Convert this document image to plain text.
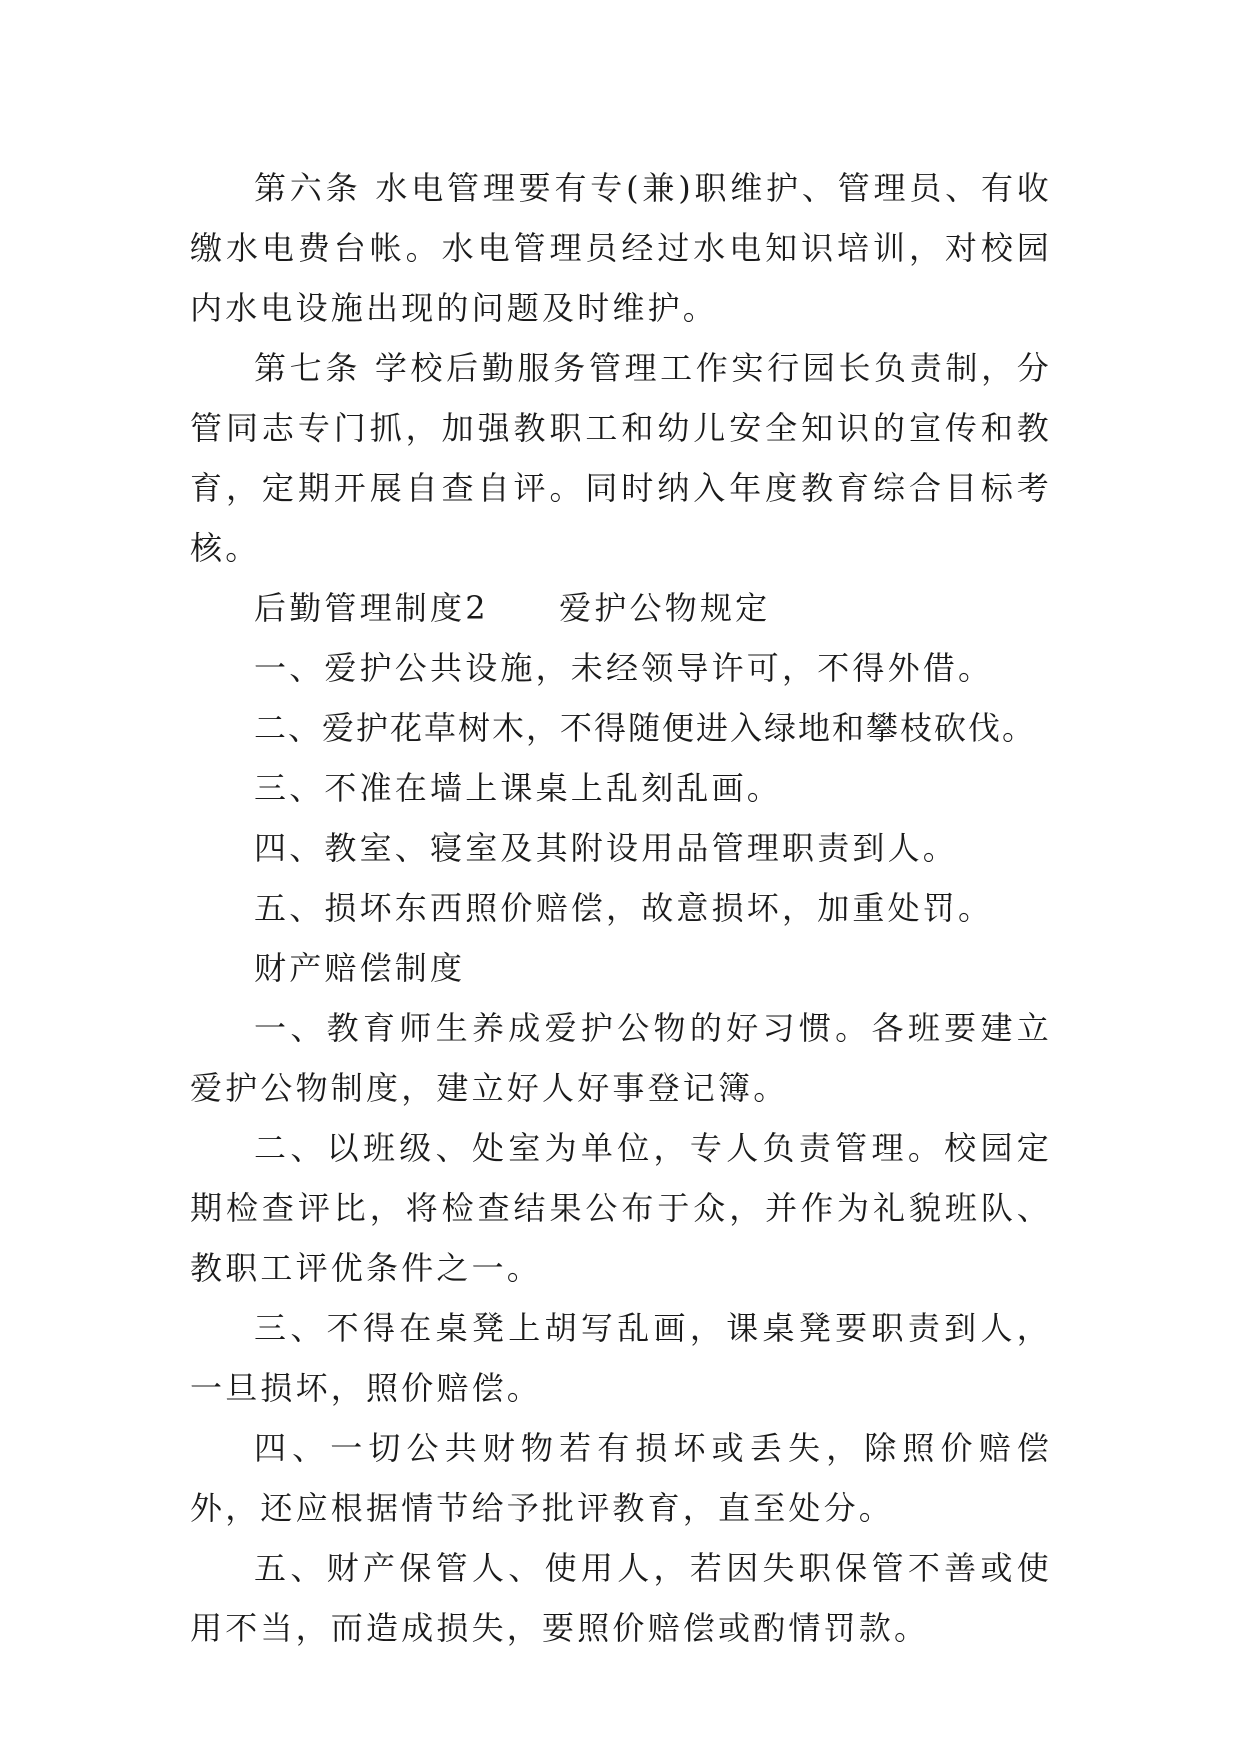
第六条 水电管理要有专(兼)职维护、管理员、有收缴水电费台帐。水电管理员经过水电知识培训，对校园内水电设施出现的问题及时维护。

第七条 学校后勤服务管理工作实行园长负责制，分管同志专门抓，加强教职工和幼儿安全知识的宣传和教育，定期开展自查自评。同时纳入年度教育综合目标考核。

后勤管理制度2　　爱护公物规定

一、爱护公共设施，未经领导许可，不得外借。

二、爱护花草树木，不得随便进入绿地和攀枝砍伐。

三、不准在墙上课桌上乱刻乱画。

四、教室、寝室及其附设用品管理职责到人。

五、损坏东西照价赔偿，故意损坏，加重处罚。

财产赔偿制度

一、教育师生养成爱护公物的好习惯。各班要建立爱护公物制度，建立好人好事登记簿。

二、以班级、处室为单位，专人负责管理。校园定期检查评比，将检查结果公布于众，并作为礼貌班队、教职工评优条件之一。

三、不得在桌凳上胡写乱画，课桌凳要职责到人，一旦损坏，照价赔偿。

四、一切公共财物若有损坏或丢失，除照价赔偿外，还应根据情节给予批评教育，直至处分。

五、财产保管人、使用人，若因失职保管不善或使用不当，而造成损失，要照价赔偿或酌情罚款。
